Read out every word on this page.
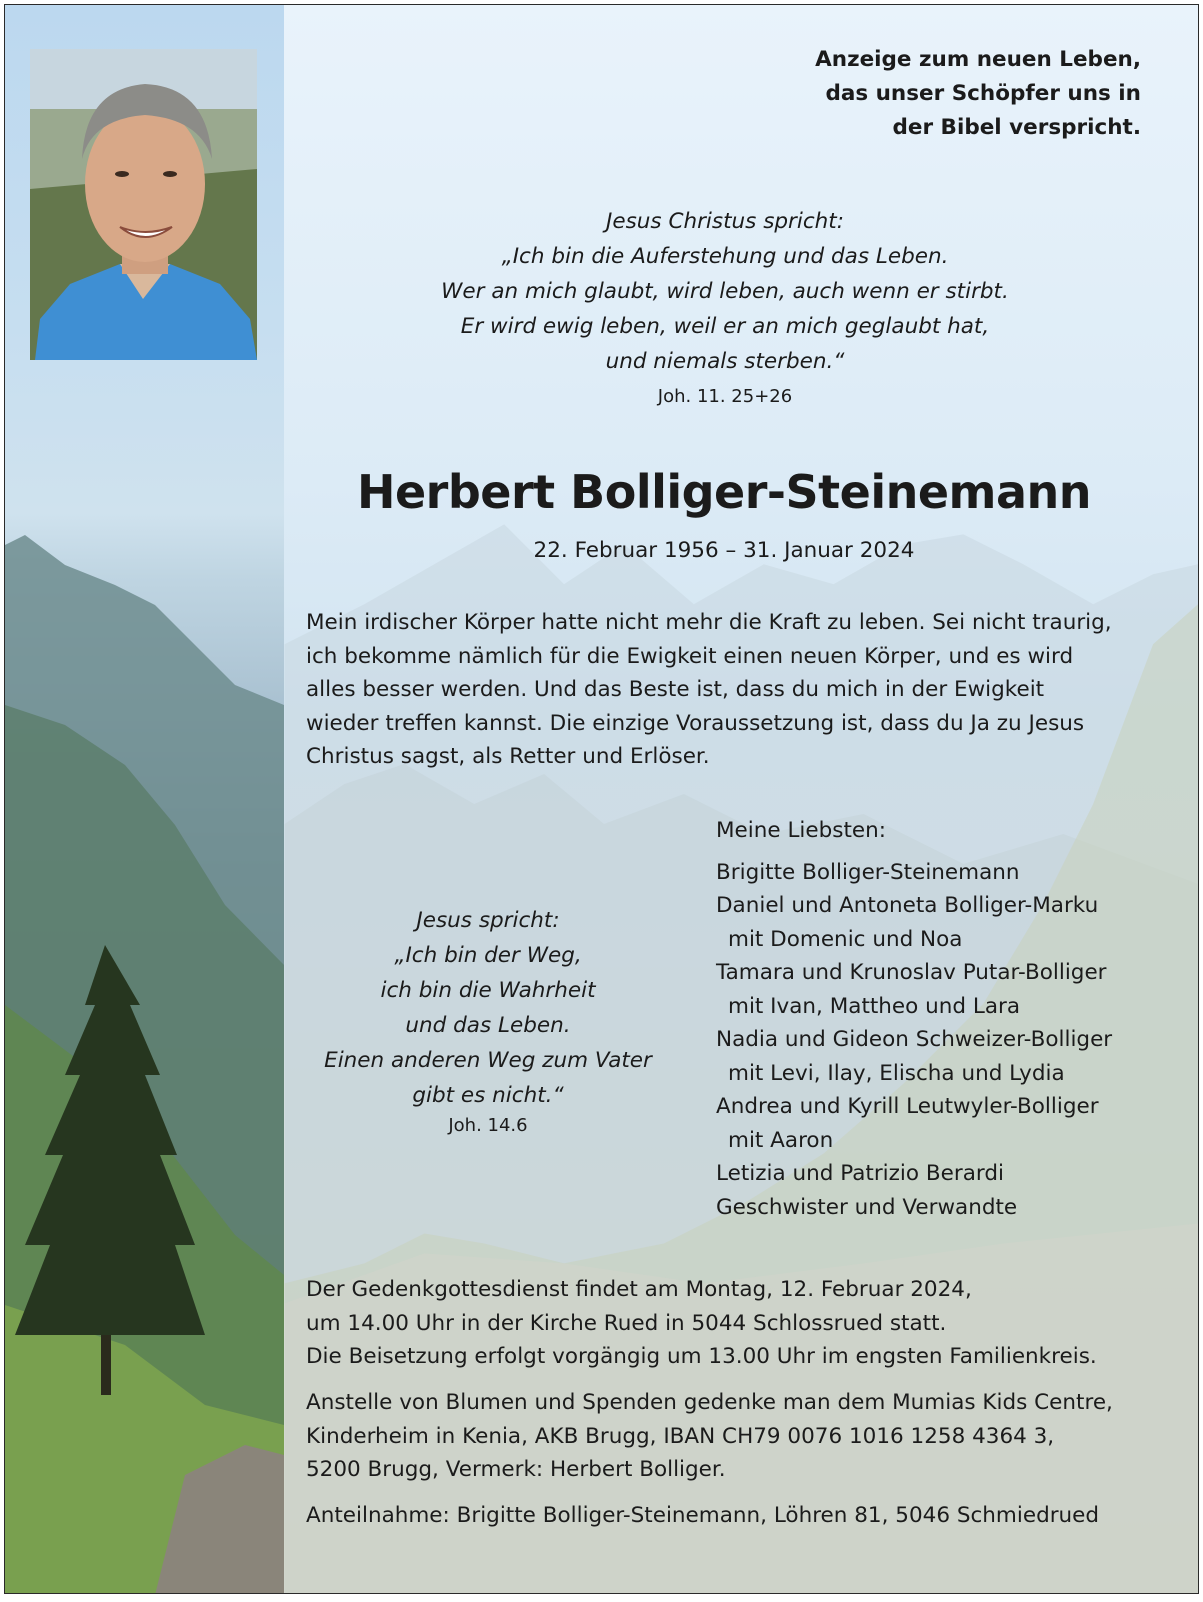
Anzeige zum neuen Leben,
das unser Schöpfer uns in
der Bibel verspricht.
Jesus Christus spricht:
„Ich bin die Auferstehung und das Leben.
Wer an mich glaubt, wird leben, auch wenn er stirbt.
Er wird ewig leben, weil er an mich geglaubt hat,
und niemals sterben.“
Joh. 11. 25+26
Herbert Bolliger-Steinemann
22. Februar 1956 – 31. Januar 2024

Mein irdischer Körper hatte nicht mehr die Kraft zu leben. Sei nicht traurig,

ich bekomme nämlich für die Ewigkeit einen neuen Körper, und es wird

alles besser werden. Und das Beste ist, dass du mich in der Ewigkeit

wieder treffen kannst. Die einzige Voraussetzung ist, dass du Ja zu Jesus

Christus sagst, als Retter und Erlöser.

Jesus spricht:
„Ich bin der Weg,
ich bin die Wahrheit
und das Leben.
Einen anderen Weg zum Vater
gibt es nicht.“
Joh. 14.6
Meine Liebsten:
Brigitte Bolliger-Steinemann
Daniel und Antoneta Bolliger-Marku
mit Domenic und Noa
Tamara und Krunoslav Putar-Bolliger
mit Ivan, Mattheo und Lara
Nadia und Gideon Schweizer-Bolliger
mit Levi, Ilay, Elischa und Lydia
Andrea und Kyrill Leutwyler-Bolliger
mit Aaron
Letizia und Patrizio Berardi
Geschwister und Verwandte

Der Gedenkgottesdienst findet am Montag, 12. Februar 2024,

um 14.00 Uhr in der Kirche Rued in 5044 Schlossrued statt.

Die Beisetzung erfolgt vorgängig um 13.00 Uhr im engsten Familienkreis.

Anstelle von Blumen und Spenden gedenke man dem Mumias Kids Centre,

Kinderheim in Kenia, AKB Brugg, IBAN CH79 0076 1016 1258 4364 3,

5200 Brugg, Vermerk: Herbert Bolliger.

Anteilnahme: Brigitte Bolliger-Steinemann, Löhren 81, 5046 Schmiedrued
